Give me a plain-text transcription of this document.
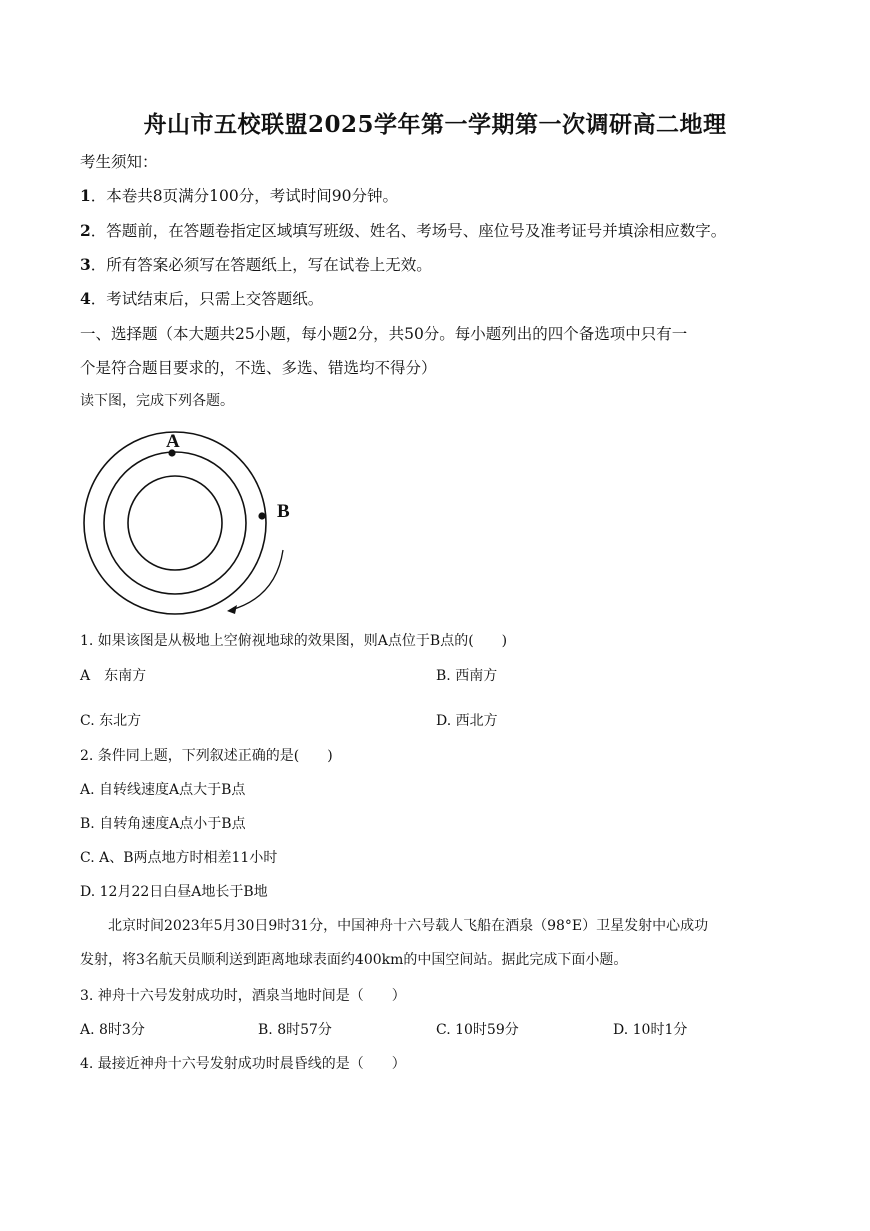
舟山市五校联盟2025学年第一学期第一次调研高二地理
考生须知：
1．本卷共8页满分100分，考试时间90分钟。
2．答题前，在答题卷指定区域填写班级、姓名、考场号、座位号及准考证号并填涂相应数字。
3．所有答案必须写在答题纸上，写在试卷上无效。
4．考试结束后，只需上交答题纸。
一、选择题（本大题共25小题，每小题2分，共50分。每小题列出的四个备选项中只有一
个是符合题目要求的，不选、多选、错选均不得分）
读下图，完成下列各题。
A
B
1. 如果该图是从极地上空俯视地球的效果图，则A点位于B点的(　　)
A　东南方	B. 西南方
C. 东北方	D. 西北方
2. 条件同上题，下列叙述正确的是(　　)
A. 自转线速度A点大于B点
B. 自转角速度A点小于B点
C. A、B两点地方时相差11小时
D. 12月22日白昼A地长于B地
北京时间2023年5月30日9时31分，中国神舟十六号载人飞船在酒泉（98°E）卫星发射中心成功
发射，将3名航天员顺利送到距离地球表面约400km的中国空间站。据此完成下面小题。
3. 神舟十六号发射成功时，酒泉当地时间是（　　）
A. 8时3分	B. 8时57分	C. 10时59分	D. 10时1分
4. 最接近神舟十六号发射成功时晨昏线的是（　　）
